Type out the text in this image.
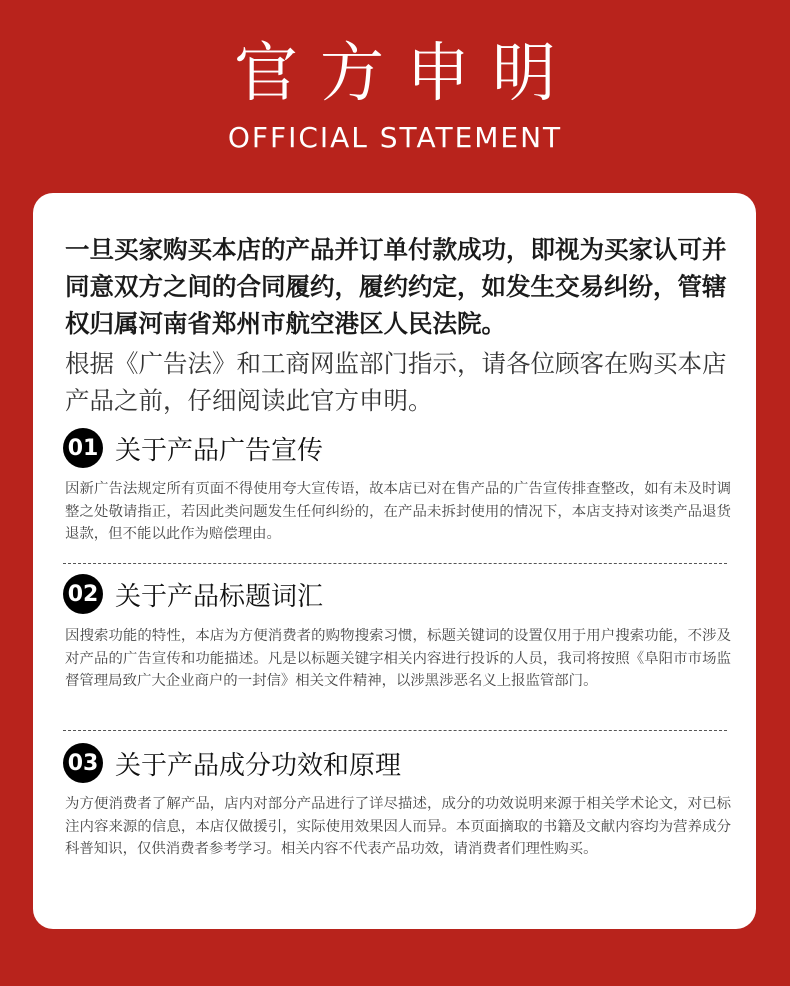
官方申明
OFFICIAL STATEMENT

一旦买家购买本店的产品并订单付款成功，即视为买家认可并同意双方之间的合同履约，履约约定，如发生交易纠纷，管辖权归属河南省郑州市航空港区人民法院。

根据《广告法》和工商网监部门指示，请各位顾客在购买本店产品之前，仔细阅读此官方申明。

01 关于产品广告宣传

因新广告法规定所有页面不得使用夸大宣传语，故本店已对在售产品的广告宣传排查整改，如有未及时调整之处敬请指正，若因此类问题发生任何纠纷的，在产品未拆封使用的情况下，本店支持对该类产品退货退款，但不能以此作为赔偿理由。

02 关于产品标题词汇

因搜索功能的特性，本店为方便消费者的购物搜索习惯，标题关键词的设置仅用于用户搜索功能，不涉及对产品的广告宣传和功能描述。凡是以标题关键字相关内容进行投诉的人员，我司将按照《阜阳市市场监督管理局致广大企业商户的一封信》相关文件精神，以涉黑涉恶名义上报监管部门。

03 关于产品成分功效和原理

为方便消费者了解产品，店内对部分产品进行了详尽描述，成分的功效说明来源于相关学术论文，对已标注内容来源的信息，本店仅做援引，实际使用效果因人而异。本页面摘取的书籍及文献内容均为营养成分科普知识，仅供消费者参考学习。相关内容不代表产品功效，请消费者们理性购买。
